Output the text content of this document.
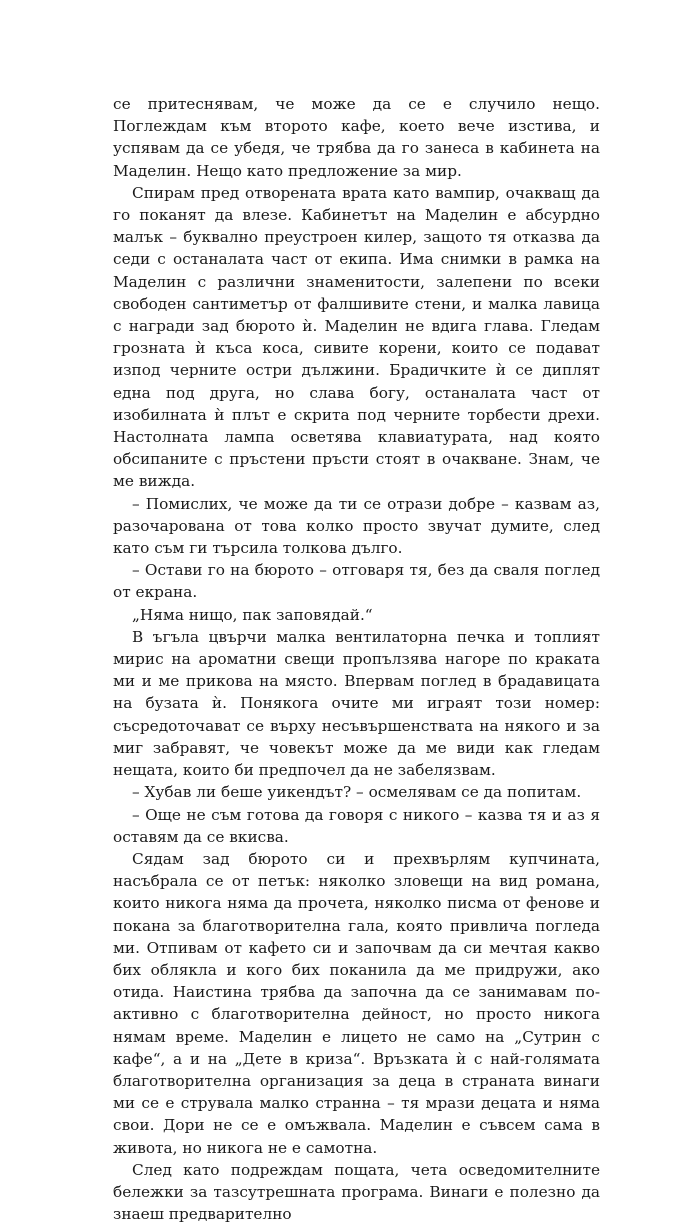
се притеснявам, че може да се е случило нещо. Поглеждам към второто кафе, което вече изстива, и успявам да се убедя, че трябва да го занеса в кабинета на Маделин. Нещо като предложение за мир.

Спирам пред отворената врата като вампир, очакващ да го поканят да влезе. Кабинетът на Маделин е абсурдно малък – буквално преустроен килер, защото тя отказва да седи с останалата част от екипа. Има снимки в рамка на Маделин с различни знаменитости, залепени по всеки свободен сантиметър от фалшивите стени, и малка лавица с награди зад бюрото ѝ. Маделин не вдига глава. Гледам грозната ѝ къса коса, сивите корени, които се подават изпод черните остри дължини. Брадичките ѝ се диплят една под друга, но слава богу, останалата част от изобилната ѝ плът е скрита под черните торбести дрехи. Настолната лампа осветява клавиатурата, над която обсипаните с пръстени пръсти стоят в очакване. Знам, че ме вижда.

– Помислих, че може да ти се отрази добре – казвам аз, разочарована от това колко просто звучат думите, след като съм ги търсила толкова дълго.

– Остави го на бюрото – отговаря тя, без да сваля поглед от екрана.

„Няма нищо, пак заповядай.“

В ъгъла цвърчи малка вентилаторна печка и топлият мирис на ароматни свещи пропълзява нагоре по краката ми и ме прикова на място. Впервам поглед в брадавицата на бузата ѝ. Понякога очите ми играят този номер: съсредоточават се върху несъвършенствата на някого и за миг забравят, че човекът може да ме види как гледам нещата, които би предпочел да не забелязвам.

– Хубав ли беше уикендът? – осмелявам се да попитам.

– Още не съм готова да говоря с никого – казва тя и аз я оставям да се вкисва.

Сядам зад бюрото си и прехвърлям купчината, насъбрала се от петък: няколко зловещи на вид романа, които никога няма да прочета, няколко писма от фенове и покана за благотворителна гала, която привлича погледа ми. Отпивам от кафето си и започвам да си мечтая какво бих облякла и кого бих поканила да ме придружи, ако отида. Наистина трябва да започна да се занимавам по-активно с благотворителна дейност, но просто никога нямам време. Маделин е лицето не само на „Сутрин с кафе“, а и на „Дете в криза“. Връзката ѝ с най-голямата благотворителна организация за деца в страната винаги ми се е струвала малко странна – тя мрази децата и няма свои. Дори не се е омъжвала. Маделин е съвсем сама в живота, но никога не е самотна.

След като подреждам пощата, чета осведомителните бележки за тазсутрешната програма. Винаги е полезно да знаеш предварително
